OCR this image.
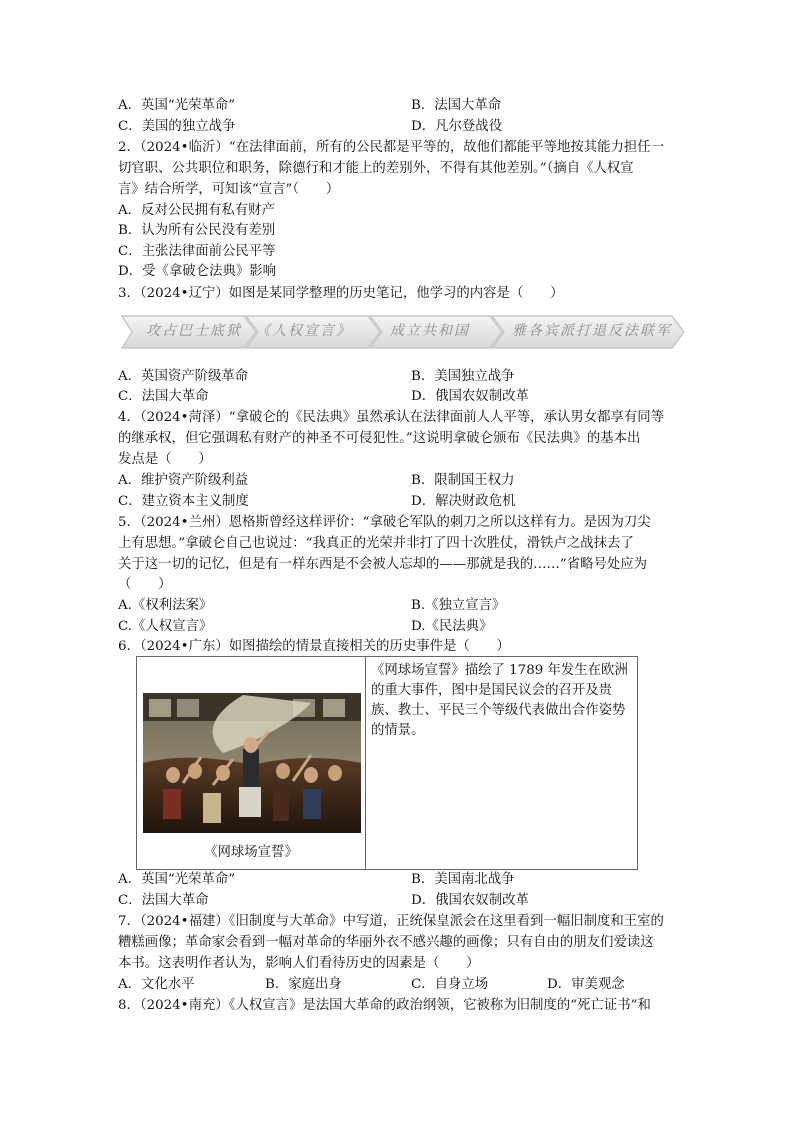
A．英国“光荣革命”	B．法国大革命
C．美国的独立战争	D．凡尔登战役
2．（2024•临沂）“在法律面前，所有的公民都是平等的，故他们都能平等地按其能力担任一
切官职、公共职位和职务，除德行和才能上的差别外，不得有其他差别。”（摘自《人权宣
言》结合所学，可知该“宣言”（　　）
A．反对公民拥有私有财产
B．认为所有公民没有差别
C．主张法律面前公民平等
D．受《拿破仑法典》影响
3．（2024•辽宁）如图是某同学整理的历史笔记，他学习的内容是（　　）
攻占巴士底狱 《人权宣言》	成立共和国	雅各宾派打退反法联军
A．英国资产阶级革命	B．美国独立战争
C．法国大革命	D．俄国农奴制改革
4．（2024•菏泽）“拿破仑的《民法典》虽然承认在法律面前人人平等，承认男女都享有同等
的继承权，但它强调私有财产的神圣不可侵犯性。”这说明拿破仑颁布《民法典》的基本出
发点是（　　）
A．维护资产阶级利益	B．限制国王权力
C．建立资本主义制度	D．解决财政危机
5．（2024•兰州）恩格斯曾经这样评价：“拿破仑军队的刺刀之所以这样有力。是因为刀尖
上有思想。”拿破仑自己也说过：“我真正的光荣并非打了四十次胜仗，滑铁卢之战抹去了
关于这一切的记忆，但是有一样东西是不会被人忘却的——那就是我的……”省略号处应为
（　　）
A.《权利法案》	B.《独立宣言》
C.《人权宣言》	D.《民法典》
6．（2024•广东）如图描绘的情景直接相关的历史事件是（　　）
《网球场宣誓》
《网球场宣誓》描绘了 1789 年发生在欧洲的重大事件，图中是国民议会的召开及贵族、教士、平民三个等级代表做出合作姿势的情景。
A．英国“光荣革命”	B．美国南北战争
C．法国大革命	D．俄国农奴制改革
7．（2024•福建）《旧制度与大革命》中写道，正统保皇派会在这里看到一幅旧制度和王室的
糟糕画像；革命家会看到一幅对革命的华丽外衣不感兴趣的画像；只有自由的朋友们爱读这
本书。这表明作者认为，影响人们看待历史的因素是（　　）
A．文化水平	B．家庭出身	C．自身立场	D．审美观念
8．（2024•南充）《人权宣言》是法国大革命的政治纲领，它被称为旧制度的“死亡证书”和
